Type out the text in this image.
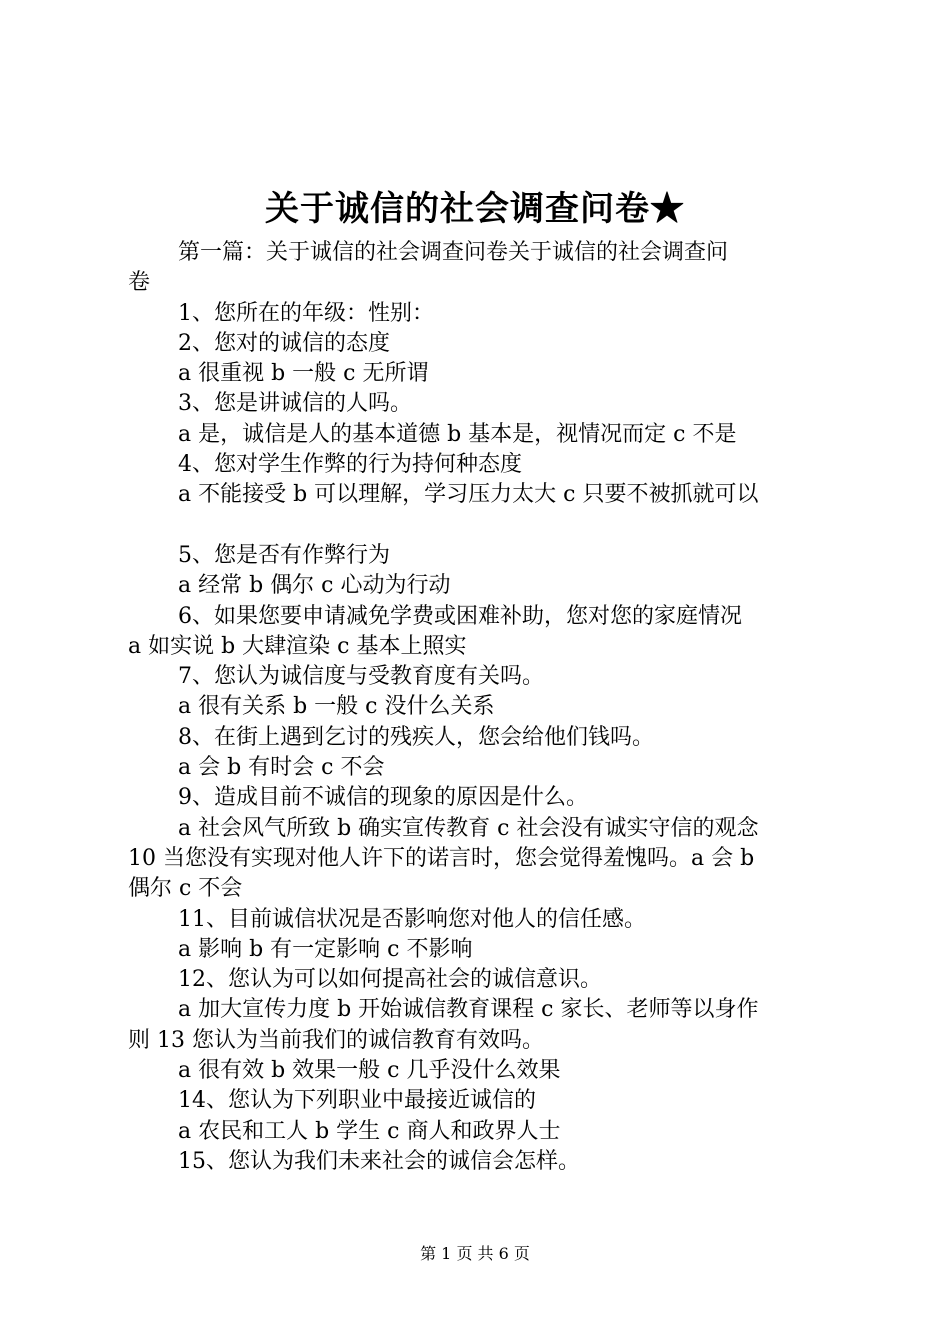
关于诚信的社会调查问卷★
第一篇：关于诚信的社会调查问卷关于诚信的社会调查问
卷
1、您所在的年级：性别：
2、您对的诚信的态度
a 很重视 b 一般 c 无所谓
3、您是讲诚信的人吗。
a 是，诚信是人的基本道德 b 基本是，视情况而定 c 不是
4、您对学生作弊的行为持何种态度
a 不能接受 b 可以理解，学习压力太大 c 只要不被抓就可以
5、您是否有作弊行为
a 经常 b 偶尔 c 心动为行动
6、如果您要申请减免学费或困难补助，您对您的家庭情况
a 如实说 b 大肆渲染 c 基本上照实
7、您认为诚信度与受教育度有关吗。
a 很有关系 b 一般 c 没什么关系
8、在街上遇到乞讨的残疾人，您会给他们钱吗。
a 会 b 有时会 c 不会
9、造成目前不诚信的现象的原因是什么。
a 社会风气所致 b 确实宣传教育 c 社会没有诚实守信的观念
10 当您没有实现对他人许下的诺言时，您会觉得羞愧吗。a 会 b
偶尔 c 不会
11、目前诚信状况是否影响您对他人的信任感。
a 影响 b 有一定影响 c 不影响
12、您认为可以如何提高社会的诚信意识。
a 加大宣传力度 b 开始诚信教育课程 c 家长、老师等以身作
则 13 您认为当前我们的诚信教育有效吗。
a 很有效 b 效果一般 c 几乎没什么效果
14、您认为下列职业中最接近诚信的
a 农民和工人 b 学生 c 商人和政界人士
15、您认为我们未来社会的诚信会怎样。
第 1 页 共 6 页
